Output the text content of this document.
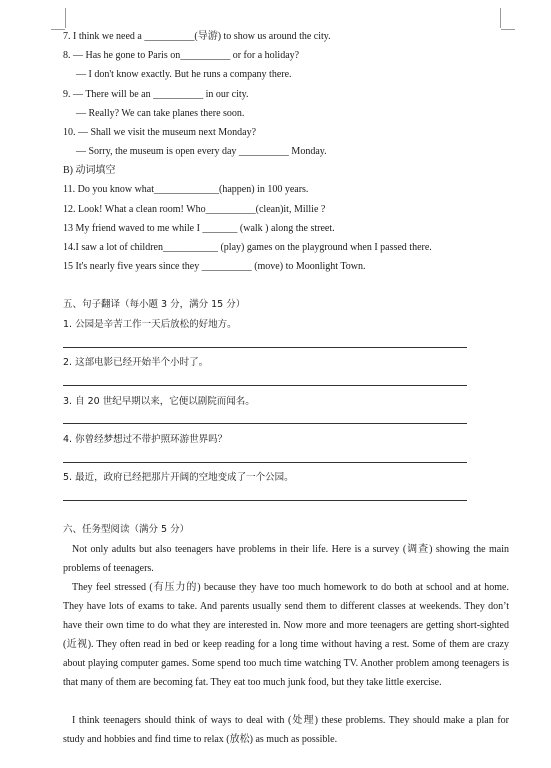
7. I think we need a __________(导游) to show us around the city.
8. — Has he gone to Paris on__________ or for a holiday?
— I don't know exactly. But he runs a company there.
9. — There will be an __________ in our city.
— Really? We can take planes there soon.
10. — Shall we visit the museum next Monday?
— Sorry, the museum is open every day __________ Monday.
B) 动词填空
11. Do you know what_____________(happen) in 100 years.
12. Look! What a clean room! Who__________(clean)it, Millie ?
13 My friend waved to me while I _______ (walk ) along the street.
14.I saw a lot of children___________ (play) games on the playground when I passed there.
15 It's nearly five years since they __________ (move) to Moonlight Town.
五、句子翻译（每小题 3 分，满分 15 分）
1. 公园是辛苦工作一天后放松的好地方。
2. 这部电影已经开始半个小时了。
3. 自 20 世纪早期以来，它便以剧院而闻名。
4. 你曾经梦想过不带护照环游世界吗？
5. 最近，政府已经把那片开阔的空地变成了一个公园。
六、任务型阅读（满分 5 分）
Not only adults but also teenagers have problems in their life. Here is a survey (调查) showing the main problems of teenagers.
They feel stressed (有压力的) because they have too much homework to do both at school and at home. They have lots of exams to take. And parents usually send them to different classes at weekends. They don’t have their own time to do what they are interested in. Now more and more teenagers are getting short-sighted (近视). They often read in bed or keep reading for a long time without having a rest. Some of them are crazy about playing computer games. Some spend too much time watching TV. Another problem among teenagers is that many of them are becoming fat. They eat too much junk food, but they take little exercise.
I think teenagers should think of ways to deal with (处理) these problems. They should make a plan for study and hobbies and find time to relax (放松) as much as possible.
